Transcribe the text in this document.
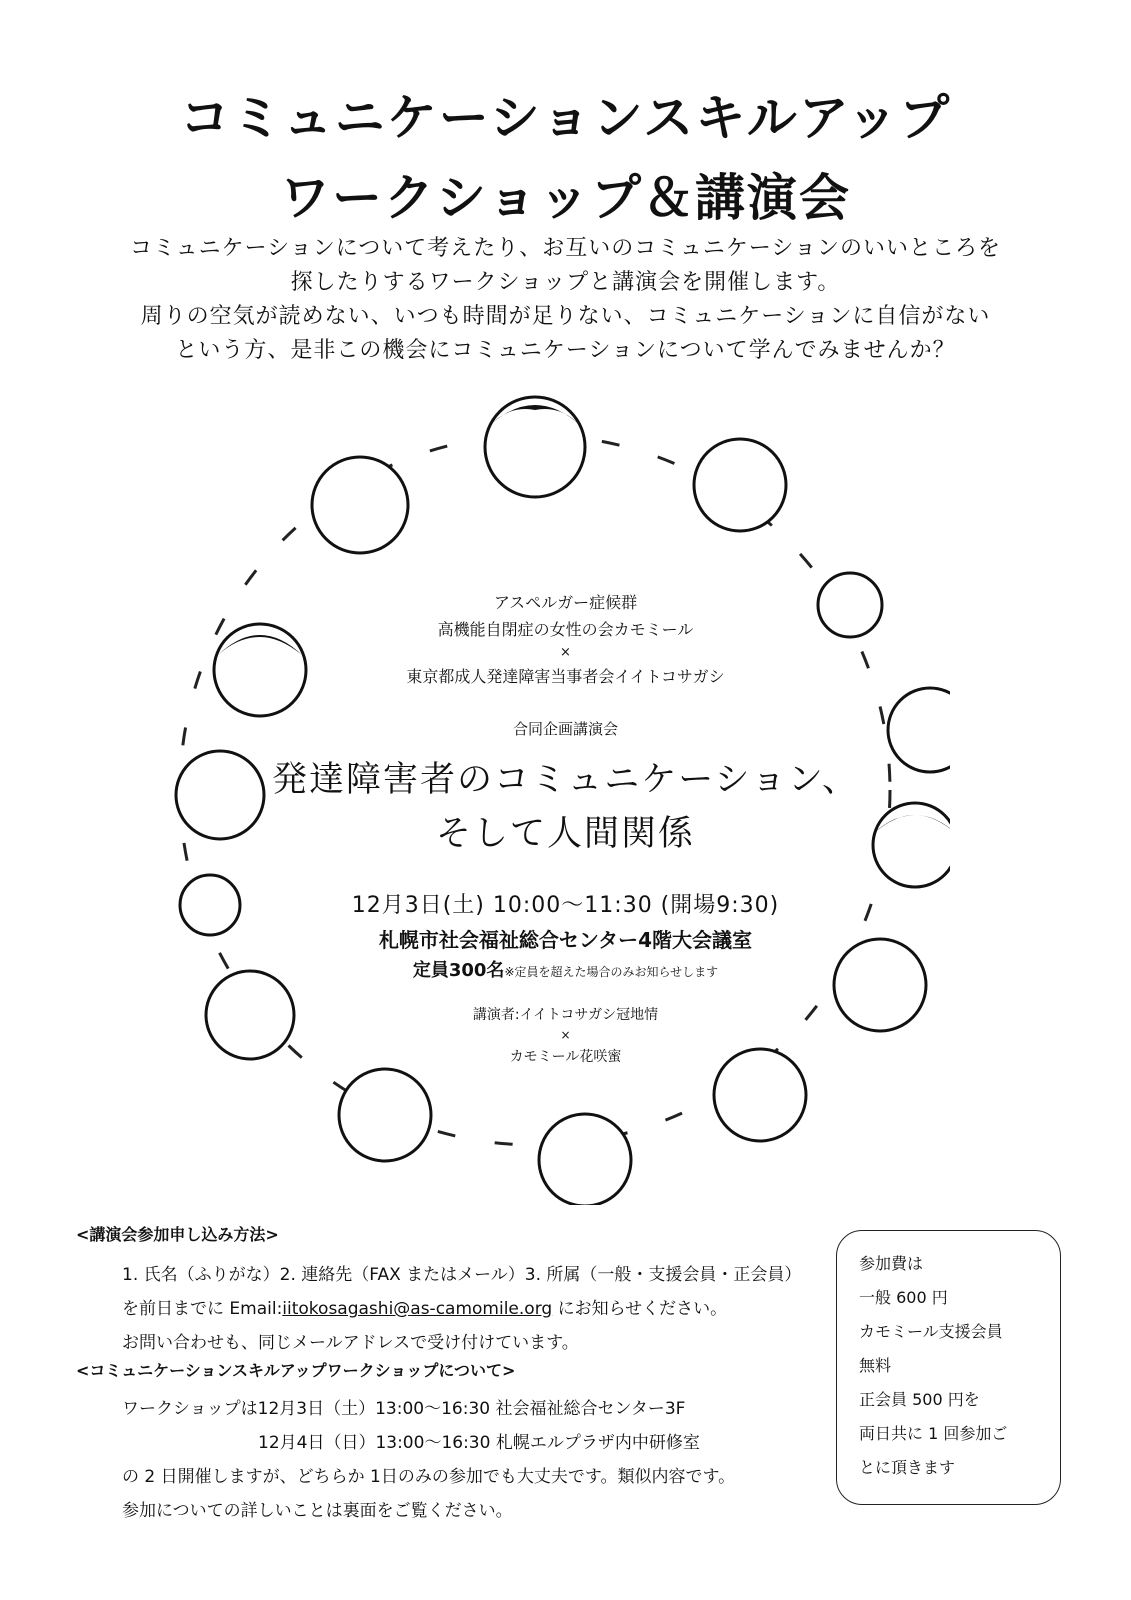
コミュニケーションスキルアップ
ワークショップ＆講演会
コミュニケーションについて考えたり、お互いのコミュニケーションのいいところを
探したりするワークショップと講演会を開催します。
周りの空気が読めない、いつも時間が足りない、コミュニケーションに自信がない
という方、是非この機会にコミュニケーションについて学んでみませんか？
アスペルガー症候群
高機能自閉症の女性の会カモミール
×
東京都成人発達障害当事者会イイトコサガシ
合同企画講演会
発達障害者のコミュニケーション、
そして人間関係
12月3日(土) 10:00～11:30 (開場9:30)
札幌市社会福祉総合センター4階大会議室
定員300名※定員を超えた場合のみお知らせします
講演者:イイトコサガシ冠地情
×
カモミール花咲蜜
<講演会参加申し込み方法>
1. 氏名（ふりがな）2. 連絡先（FAX またはメール）3. 所属（一般・支援会員・正会員）
を前日までに Email:iitokosagashi@as-camomile.org にお知らせください。
お問い合わせも、同じメールアドレスで受け付けています。
<コミュニケーションスキルアップワークショップについて>
ワークショップは12月3日（土）13:00～16:30 社会福祉総合センター3F
12月4日（日）13:00～16:30 札幌エルプラザ内中研修室
の 2 日開催しますが、どちらか 1日のみの参加でも大丈夫です。類似内容です。
参加についての詳しいことは裏面をご覧ください。
参加費は
一般 600 円
カモミール支援会員
無料
正会員 500 円を
両日共に 1 回参加ご
とに頂きます
